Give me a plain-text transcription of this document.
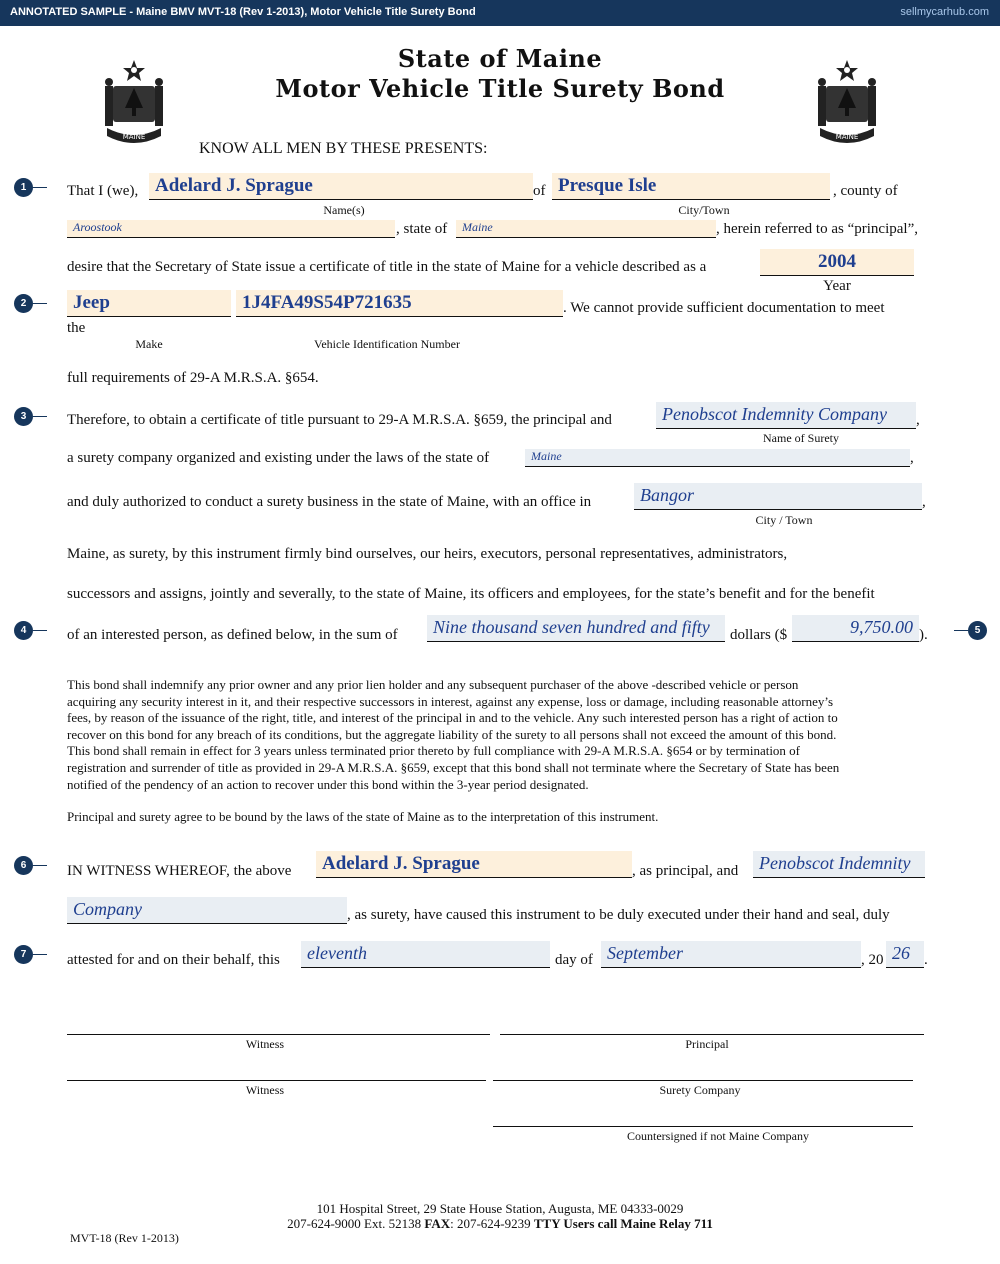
ANNOTATED SAMPLE - Maine BMV MVT-18 (Rev 1-2013), Motor Vehicle Title Surety Bond	sellmycarhub.com
MAINE	MAINE
State of Maine
Motor Vehicle Title Surety Bond
KNOW ALL MEN BY THESE PRESENTS:
1
2
3
4	5
6
7
That I (we), Adelard J. Sprague	of Presque Isle	, county of
Name(s)	City/Town
Aroostook	, state of	Maine	, herein referred to as “principal”,
desire that the Secretary of State issue a certificate of title in the state of Maine for a vehicle described as a	2004
Year
Jeep	1J4FA49S54P721635	. We cannot provide sufficient documentation to meet
the
Make	Vehicle Identification Number
full requirements of 29-A M.R.S.A. §654.
Therefore, to obtain a certificate of title pursuant to 29-A M.R.S.A. §659, the principal and	Penobscot Indemnity Company	,
Name of Surety
a surety company organized and existing under the laws of the state of	Maine	,
and duly authorized to conduct a surety business in the state of Maine, with an office in	Bangor	,
City / Town
Maine, as surety, by this instrument firmly bind ourselves, our heirs, executors, personal representatives, administrators,
successors and assigns, jointly and severally, to the state of Maine, its officers and employees, for the state’s benefit and for the benefit
of an interested person, as defined below, in the sum of	Nine thousand seven hundred and fifty	dollars ($	9,750.00 ).
This bond shall indemnify any prior owner and any prior lien holder and any subsequent purchaser of the above -described vehicle or person
acquiring any security interest in it, and their respective successors in interest, against any expense, loss or damage, including reasonable attorney’s
fees, by reason of the issuance of the right, title, and interest of the principal in and to the vehicle. Any such interested person has a right of action to
recover on this bond for any breach of its conditions, but the aggregate liability of the surety to all persons shall not exceed the amount of this bond.
This bond shall remain in effect for 3 years unless terminated prior thereto by full compliance with 29-A M.R.S.A. §654 or by termination of
registration and surrender of title as provided in 29-A M.R.S.A. §659, except that this bond shall not terminate where the Secretary of State has been
notified of the pendency of an action to recover under this bond within the 3-year period designated.
Principal and surety agree to be bound by the laws of the state of Maine as to the interpretation of this instrument.
IN WITNESS WHEREOF, the above	Adelard J. Sprague	, as principal, and	Penobscot Indemnity
Company	, as surety, have caused this instrument to be duly executed under their hand and seal, duly
attested for and on their behalf, this	eleventh	day of September	, 20 26 .
Witness	Principal
Witness	Surety Company
Countersigned if not Maine Company
101 Hospital Street, 29 State House Station, Augusta, ME 04333-0029
207-624-9000 Ext. 52138 FAX: 207-624-9239 TTY Users call Maine Relay 711
MVT-18 (Rev 1-2013)
